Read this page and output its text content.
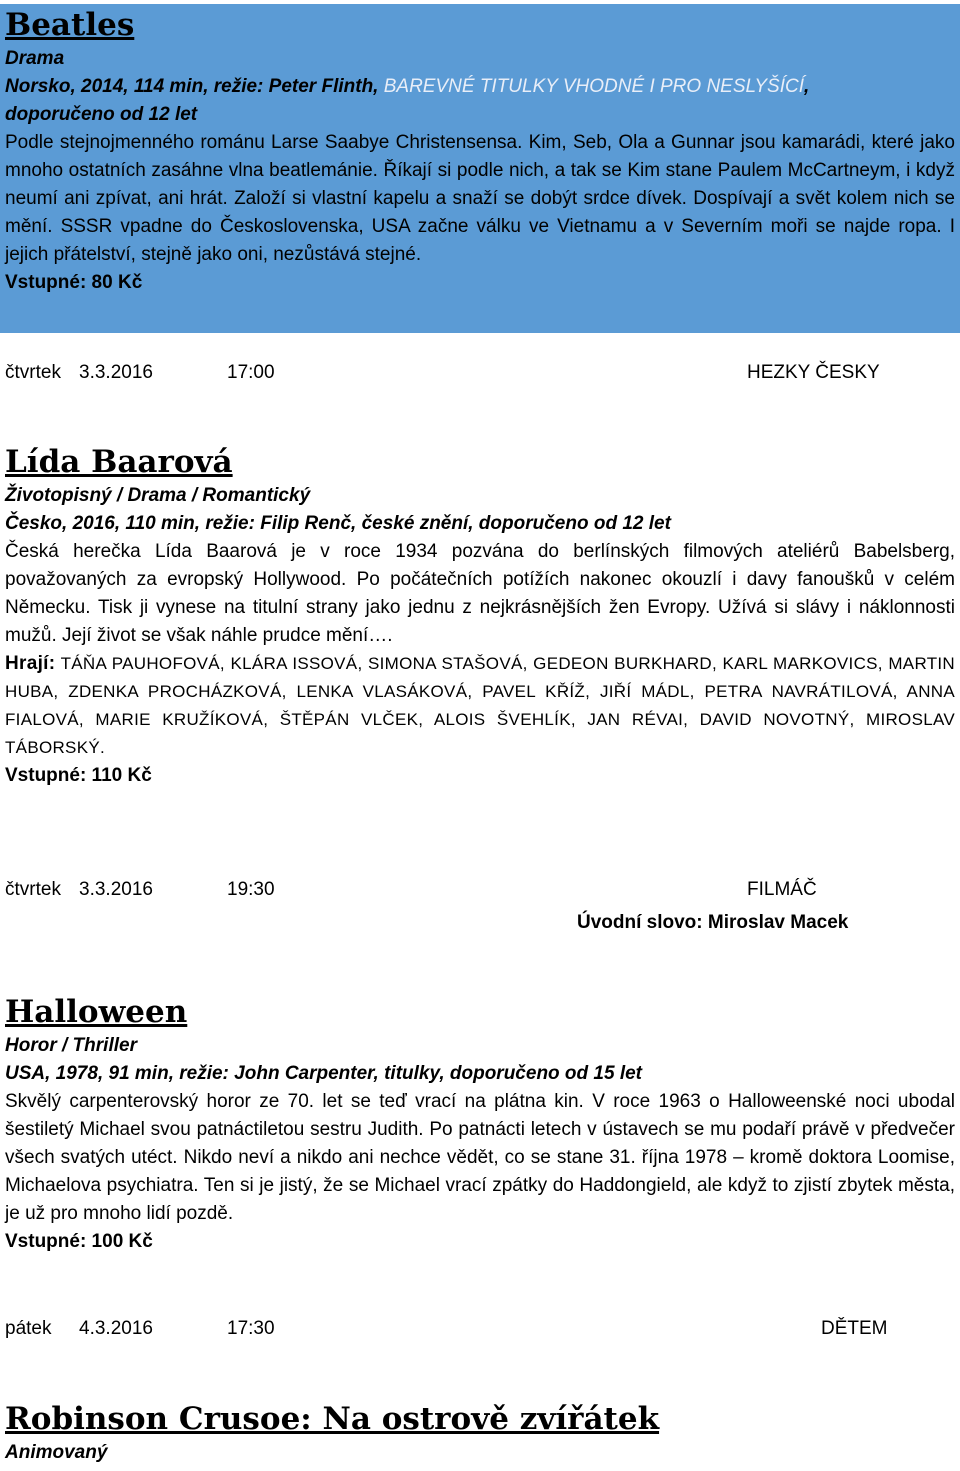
Beatles
Drama
Norsko, 2014, 114 min, režie: Peter Flinth, BAREVNÉ TITULKY VHODNÉ I PRO NESLYŠÍCÍ,
doporučeno od 12 let
Podle stejnojmenného románu Larse Saabye Christensensa. Kim, Seb, Ola a Gunnar jsou kamarádi, které jako mnoho ostatních zasáhne vlna beatlemánie. Říkají si podle nich, a tak se Kim stane Paulem McCartneym, i když neumí ani zpívat, ani hrát. Založí si vlastní kapelu a snaží se dobýt srdce dívek. Dospívají a svět kolem nich se mění. SSSR vpadne do Československa, USA začne válku ve Vietnamu a v Severním moři se najde ropa. I jejich přátelství, stejně jako oni, nezůstává stejné.
Vstupné: 80 Kč
čtvrtek 3.3.2016	17:00	HEZKY ČESKY
Lída Baarová
Životopisný / Drama / Romantický
Česko, 2016, 110 min, režie: Filip Renč, české znění, doporučeno od 12 let
Česká herečka Lída Baarová je v roce 1934 pozvána do berlínských filmových ateliérů Babelsberg, považovaných za evropský Hollywood. Po počátečních potížích nakonec okouzlí i davy fanoušků v celém Německu. Tisk ji vynese na titulní strany jako jednu z nejkrásnějších žen Evropy. Užívá si slávy i náklonnosti mužů. Její život se však náhle prudce mění….
Hrají: TÁŇA PAUHOFOVÁ, KLÁRA ISSOVÁ, SIMONA STAŠOVÁ, GEDEON BURKHARD, KARL MARKOVICS, MARTIN HUBA, ZDENKA PROCHÁZKOVÁ, LENKA VLASÁKOVÁ, PAVEL KŘÍŽ, JIŘÍ MÁDL, PETRA NAVRÁTILOVÁ, ANNA FIALOVÁ, MARIE KRUŽÍKOVÁ, ŠTĚPÁN VLČEK, ALOIS ŠVEHLÍK, JAN RÉVAI, DAVID NOVOTNÝ, MIROSLAV TÁBORSKÝ.
Vstupné: 110 Kč
čtvrtek 3.3.2016	19:30	FILMÁČ
Úvodní slovo: Miroslav Macek
Halloween
Horor / Thriller
USA, 1978, 91 min, režie: John Carpenter, titulky, doporučeno od 15 let
Skvělý carpenterovský horor ze 70. let se teď vrací na plátna kin. V roce 1963 o Halloweenské noci ubodal šestiletý Michael svou patnáctiletou sestru Judith. Po patnácti letech v ústavech se mu podaří právě v předvečer všech svatých utéct. Nikdo neví a nikdo ani nechce vědět, co se stane 31. října 1978 – kromě doktora Loomise, Michaelova psychiatra. Ten si je jistý, že se Michael vrací zpátky do Haddongield, ale když to zjistí zbytek města, je už pro mnoho lidí pozdě.
Vstupné: 100 Kč
pátek 4.3.2016	17:30	DĚTEM
Robinson Crusoe: Na ostrově zvířátek
Animovaný
